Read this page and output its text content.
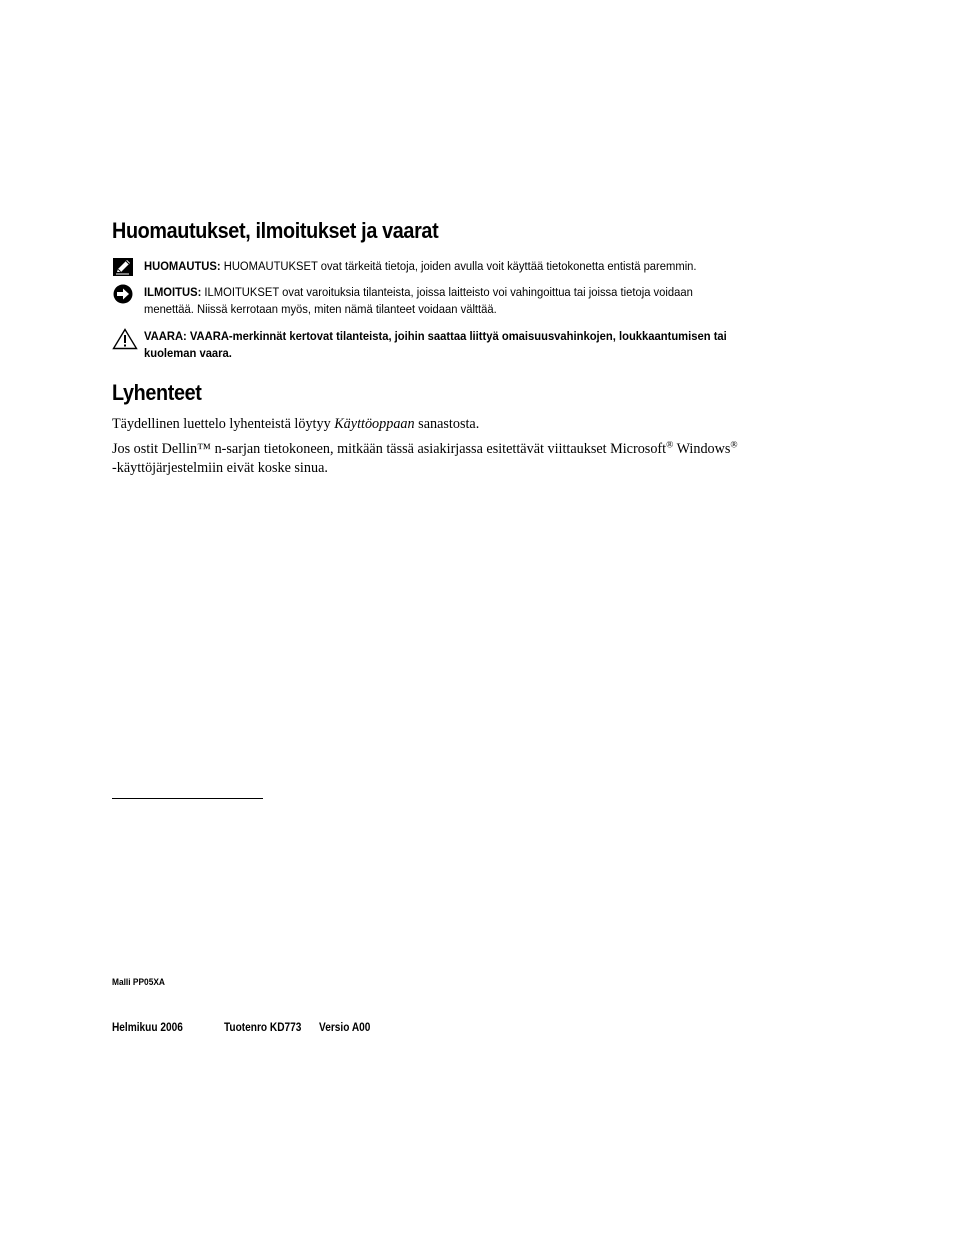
Huomautukset, ilmoitukset ja vaarat
HUOMAUTUS: HUOMAUTUKSET ovat tärkeitä tietoja, joiden avulla voit käyttää tietokonetta entistä paremmin.
ILMOITUS: ILMOITUKSET ovat varoituksia tilanteista, joissa laitteisto voi vahingoittua tai joissa tietoja voidaan
menettää. Niissä kerrotaan myös, miten nämä tilanteet voidaan välttää.
VAARA: VAARA-merkinnät kertovat tilanteista, joihin saattaa liittyä omaisuusvahinkojen, loukkaantumisen tai
kuoleman vaara.
Lyhenteet
Täydellinen luettelo lyhenteistä löytyy Käyttöoppaan sanastosta.
Jos ostit Dellin™ n-sarjan tietokoneen, mitkään tässä asiakirjassa esitettävät viittaukset Microsoft® Windows®
-käyttöjärjestelmiin eivät koske sinua.
Malli PP05XA
Helmikuu 2006	Tuotenro KD773 Versio A00
